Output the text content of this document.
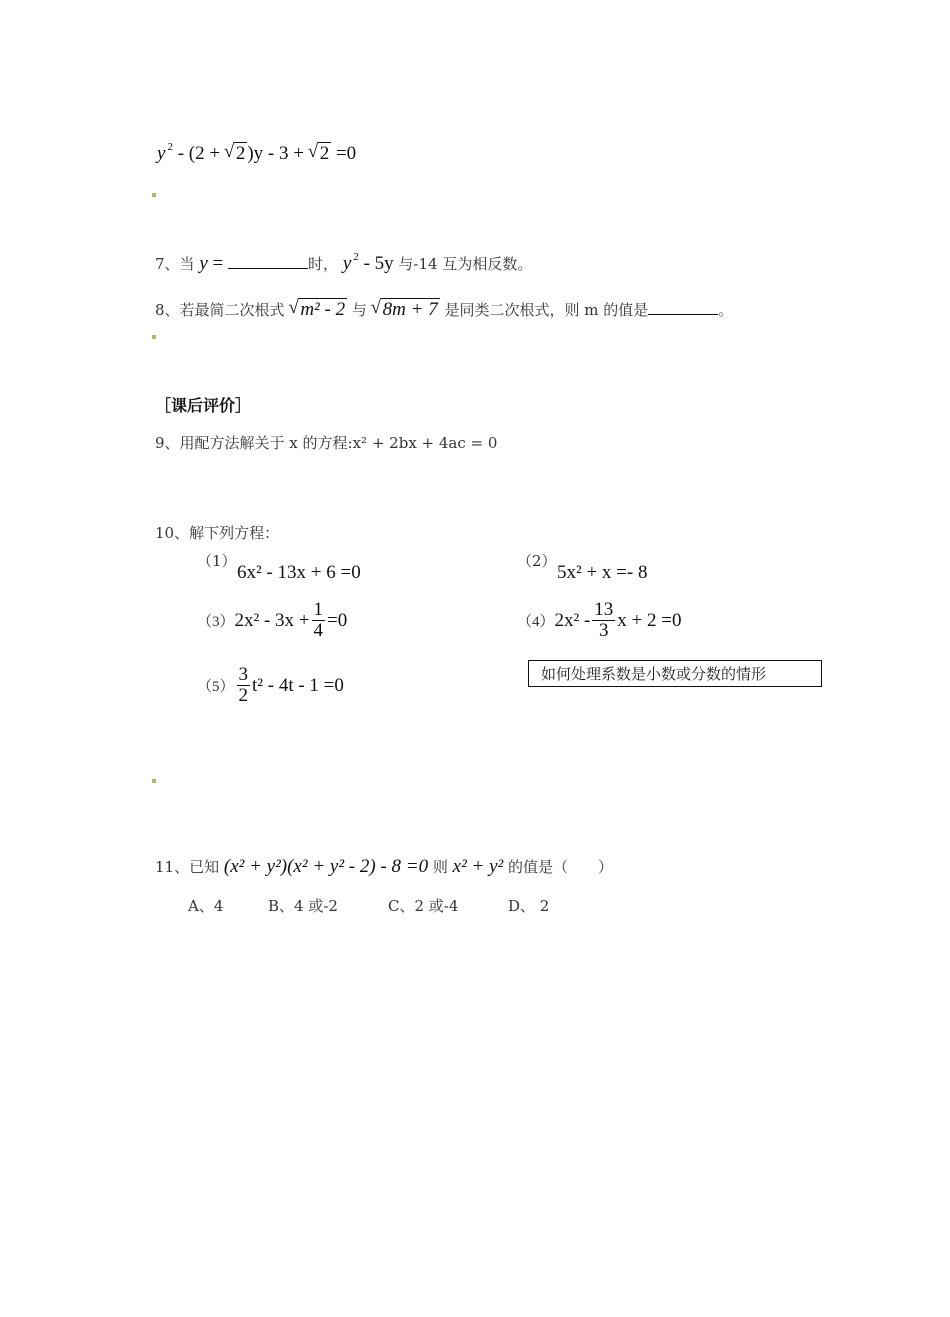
y $^2$ - (2 + √ 2 )y - 3 + √ 2 =0
7、当 y =	时， y $^2$ - 5y 与-14 互为相反数。
8、若最简二次根式 √ m² - 2 与 √ 8m + 7 是同类二次根式，则 m 的值是	。
［课后评价］
9、用配方法解关于 x 的方程:x² + 2bx + 4ac = 0
10、解下列方程：
（1）
6x² - 13x + 6 =0
（2）
5x² + x =- 8
（3） $2x^2 - 3x + \frac{1}{4} =0$	（4） $2x^2 - \frac{13}{3}$ x + 2 =0
如何处理系数是小数或分数的情形
$(5) \frac{3}{2} t^2 - 4t - 1 =0$
11、已知 (x² + y²)(x² + y² - 2) - 8 =0 则 x² + y² 的值是（　　）
A、4	B、4 或-2	C、2 或-4	D、 2
